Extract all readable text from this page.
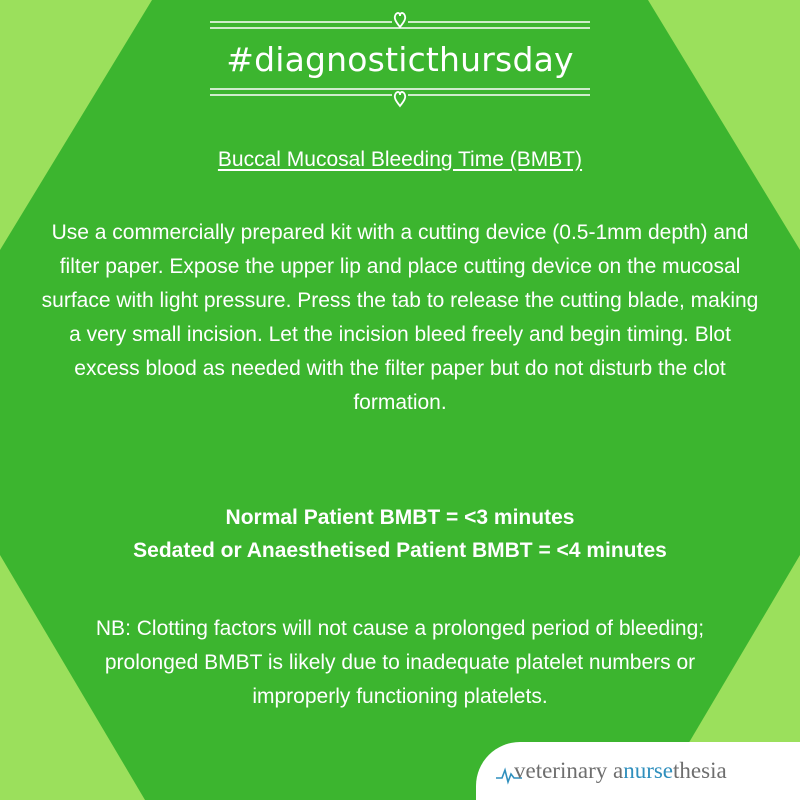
#diagnosticthursday
Buccal Mucosal Bleeding Time (BMBT)
Use a commercially prepared kit with a cutting device (0.5-1mm depth) and filter paper. Expose the upper lip and place cutting device on the mucosal surface with light pressure. Press the tab to release the cutting blade, making a very small incision. Let the incision bleed freely and begin timing. Blot excess blood as needed with the filter paper but do not disturb the clot formation.
Normal Patient BMBT = <3 minutes
Sedated or Anaesthetised Patient BMBT = <4 minutes
NB: Clotting factors will not cause a prolonged period of bleeding; prolonged BMBT is likely due to inadequate platelet numbers or improperly functioning platelets.
veterinary anursethesia
